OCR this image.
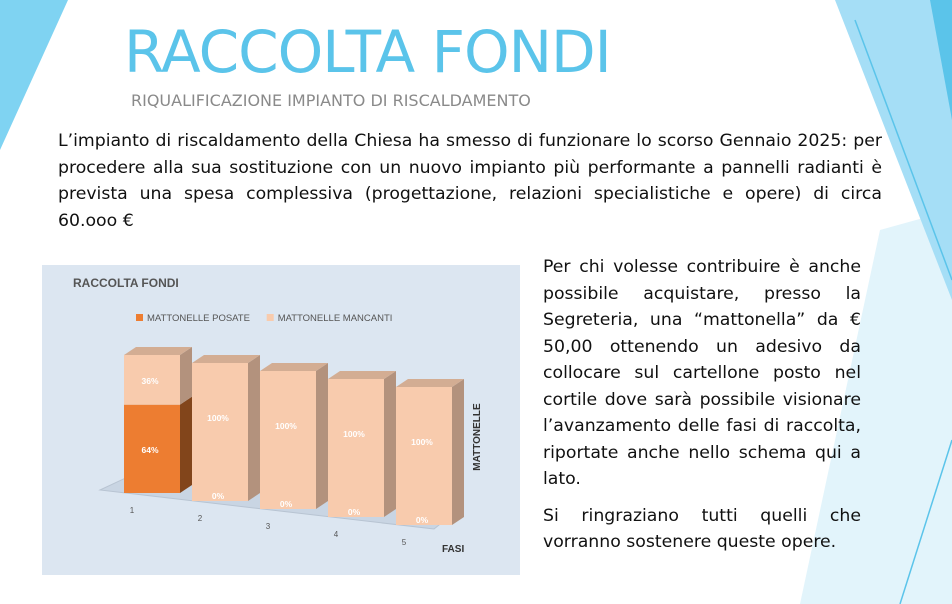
RACCOLTA FONDI
RIQUALIFICAZIONE IMPIANTO DI RISCALDAMENTO
L’impianto di riscaldamento della Chiesa ha smesso di funzionare lo scorso Gennaio 2025: per procedere alla sua sostituzione con un nuovo impianto più performante a pannelli radianti è prevista una spesa complessiva (progettazione, relazioni specialistiche e opere) di circa 60.ooo €

Per chi volesse contribuire è anche possibile acquistare, presso la Segreteria, una “mattonella” da € 50,00 ottenendo un adesivo da collocare sul cartellone posto nel cortile dove sarà possibile visionare l’avanzamento delle fasi di raccolta, riportate anche nello schema qui a lato.

Si ringraziano tutti quelli che vorranno sostenere queste opere.

RACCOLTA FONDI
MATTONELLE POSATE	MATTONELLE MANCANTI
64%
36%
0%
100%
0%
100%
0%
100%
0%
100%
1
2
3
4
5
FASI
MATTONELLE
